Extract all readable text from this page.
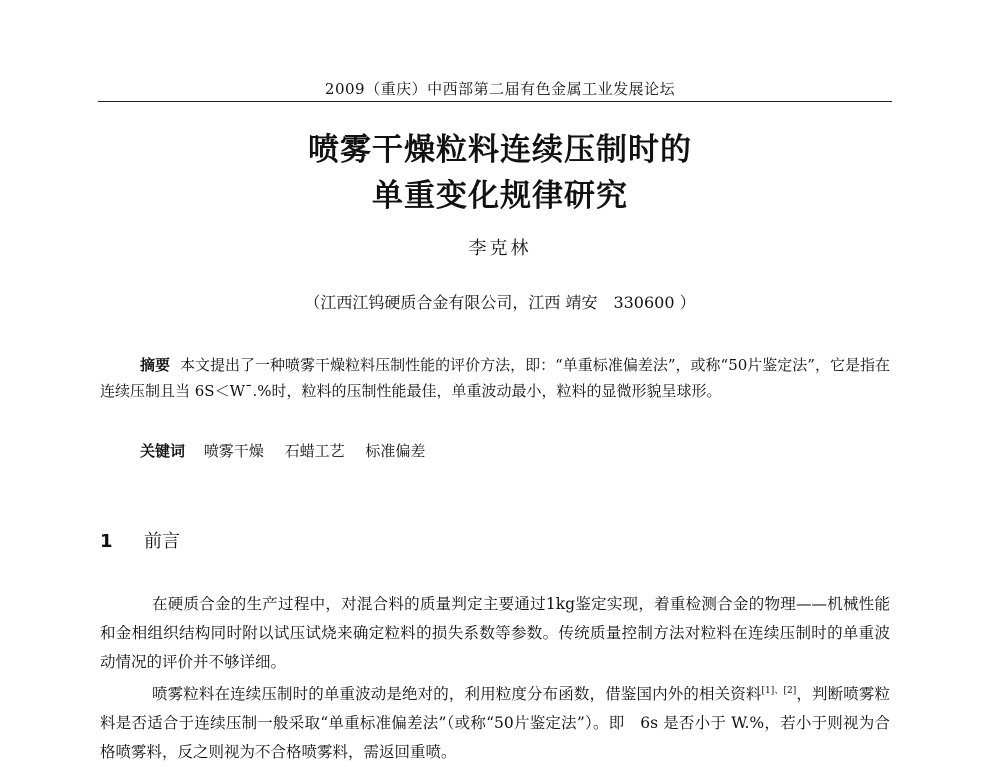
2009（重庆）中西部第二届有色金属工业发展论坛
喷雾干燥粒料连续压制时的
单重变化规律研究
李克林
（江西江钨硬质合金有限公司，江西 靖安　330600 ）
摘要 本文提出了一种喷雾干燥粒料压制性能的评价方法，即：“单重标准偏差法”，或称“50片鉴定法”，它是指在连续压制且当 6S＜W¯.%时，粒料的压制性能最佳，单重波动最小，粒料的显微形貌呈球形。
关键词 喷雾干燥 石蜡工艺 标准偏差
1 前言
在硬质合金的生产过程中，对混合料的质量判定主要通过1kg鉴定实现，着重检测合金的物理——机械性能和金相组织结构同时附以试压试烧来确定粒料的损失系数等参数。传统质量控制方法对粒料在连续压制时的单重波动情况的评价并不够详细。
喷雾粒料在连续压制时的单重波动是绝对的，利用粒度分布函数，借鉴国内外的相关资料[1]、[2]，判断喷雾粒料是否适合于连续压制一般采取“单重标准偏差法”（或称“50片鉴定法”）。即　6s 是否小于 W.%，若小于则视为合格喷雾料，反之则视为不合格喷雾料，需返回重喷。
